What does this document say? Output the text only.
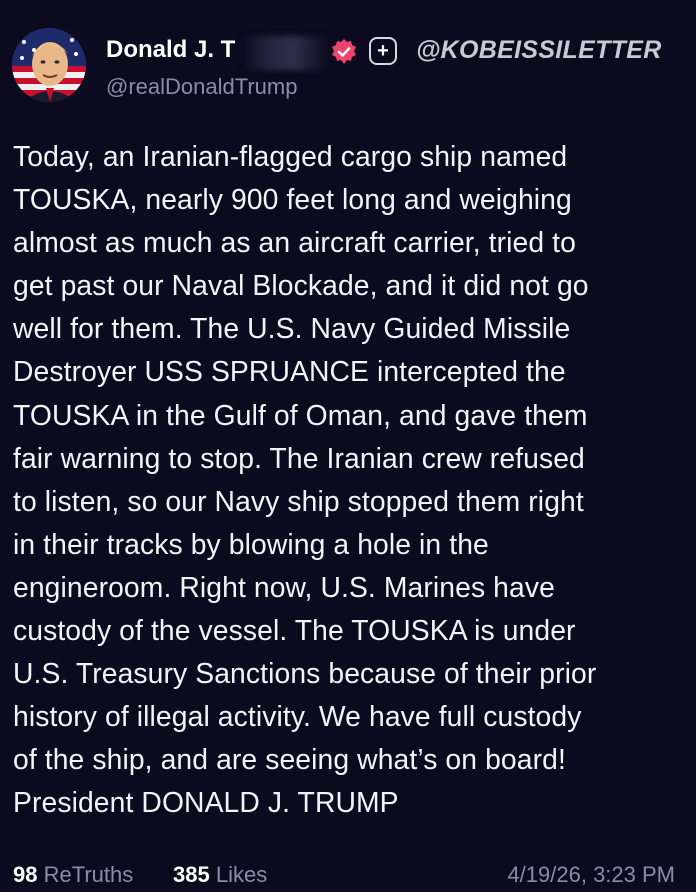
Donald J. T	+	@KOBEISSILETTER
@realDonaldTrump
Today, an Iranian-flagged cargo ship named
TOUSKA, nearly 900 feet long and weighing
almost as much as an aircraft carrier, tried to
get past our Naval Blockade, and it did not go
well for them. The U.S. Navy Guided Missile
Destroyer USS SPRUANCE intercepted the
TOUSKA in the Gulf of Oman, and gave them
fair warning to stop. The Iranian crew refused
to listen, so our Navy ship stopped them right
in their tracks by blowing a hole in the
engineroom. Right now, U.S. Marines have
custody of the vessel. The TOUSKA is under
U.S. Treasury Sanctions because of their prior
history of illegal activity. We have full custody
of the ship, and are seeing what’s on board!
President DONALD J. TRUMP
98 ReTruths 385 Likes	4/19/26, 3:23 PM
